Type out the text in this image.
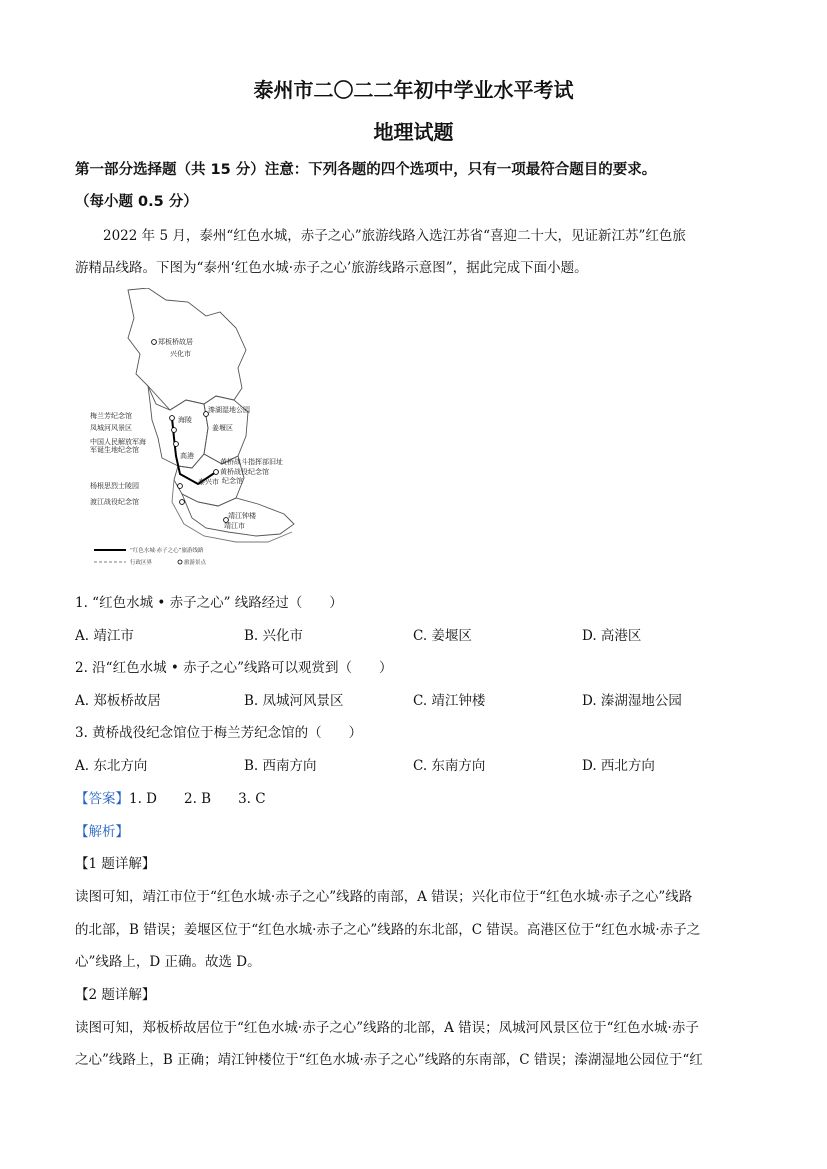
泰州市二〇二二年初中学业水平考试
地理试题
第一部分选择题（共 15 分）注意：下列各题的四个选项中，只有一项最符合题目的要求。
（每小题 0.5 分）
2022 年 5 月，泰州“红色水城，赤子之心”旅游线路入选江苏省“喜迎二十大，见证新江苏”红色旅
游精品线路。下图为“泰州‘红色水城·赤子之心’旅游线路示意图”，据此完成下面小题。
郑板桥故居
兴化市
梅兰芳纪念馆
凤城河风景区
中国人民解放军海
军诞生地纪念馆
溱湖湿地公园
姜堰区
海陵
高港
黄桥战斗指挥部旧址
黄桥战役纪念馆
纪念馆
泰兴市
杨根思烈士陵园
渡江战役纪念馆
靖江钟楼
靖江市
“红色水城·赤子之心”旅游线路
行政区界	旅游景点
1. “红色水城 • 赤子之心” 线路经过（　　）
A. 靖江市	B. 兴化市	C. 姜堰区	D. 高港区
2. 沿“红色水城 • 赤子之心”线路可以观赏到（　　）
A. 郑板桥故居	B. 凤城河风景区	C. 靖江钟楼	D. 溱湖湿地公园
3. 黄桥战役纪念馆位于梅兰芳纪念馆的（　　）
A. 东北方向	B. 西南方向	C. 东南方向	D. 西北方向
【答案】1. D　　2. B　　3. C
【解析】
【1 题详解】
读图可知，靖江市位于“红色水城·赤子之心”线路的南部，A 错误；兴化市位于“红色水城·赤子之心”线路
的北部，B 错误；姜堰区位于“红色水城·赤子之心”线路的东北部，C 错误。高港区位于“红色水城·赤子之
心”线路上，D 正确。故选 D。
【2 题详解】
读图可知，郑板桥故居位于“红色水城·赤子之心”线路的北部，A 错误；凤城河风景区位于“红色水城·赤子
之心”线路上，B 正确；靖江钟楼位于“红色水城·赤子之心”线路的东南部，C 错误；溱湖湿地公园位于“红
